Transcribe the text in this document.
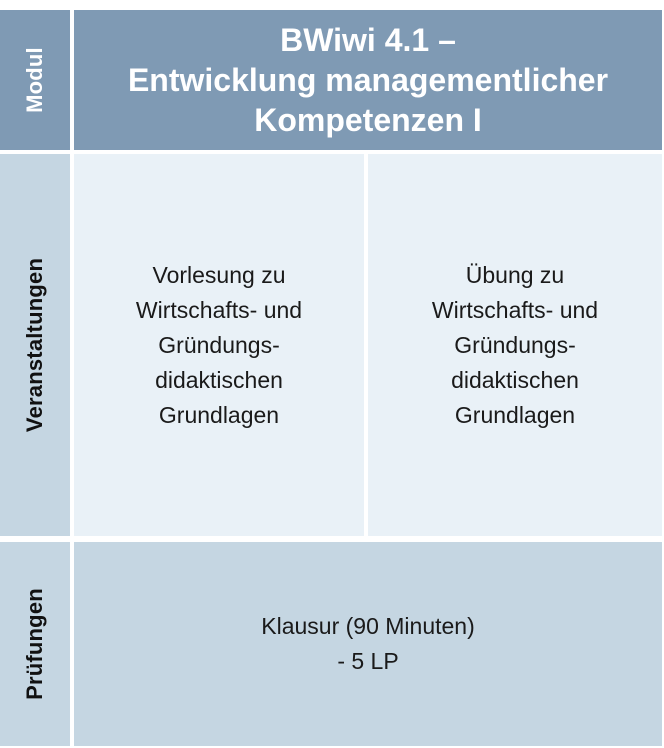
Modul
Veranstaltungen
Prüfungen
BWiwi 4.1 –
Entwicklung managementlicher
Kompetenzen I
Vorlesung zu
Wirtschafts- und
Gründungs-
didaktischen
Grundlagen
Übung zu
Wirtschafts- und
Gründungs-
didaktischen
Grundlagen
Klausur (90 Minuten)
- 5 LP
